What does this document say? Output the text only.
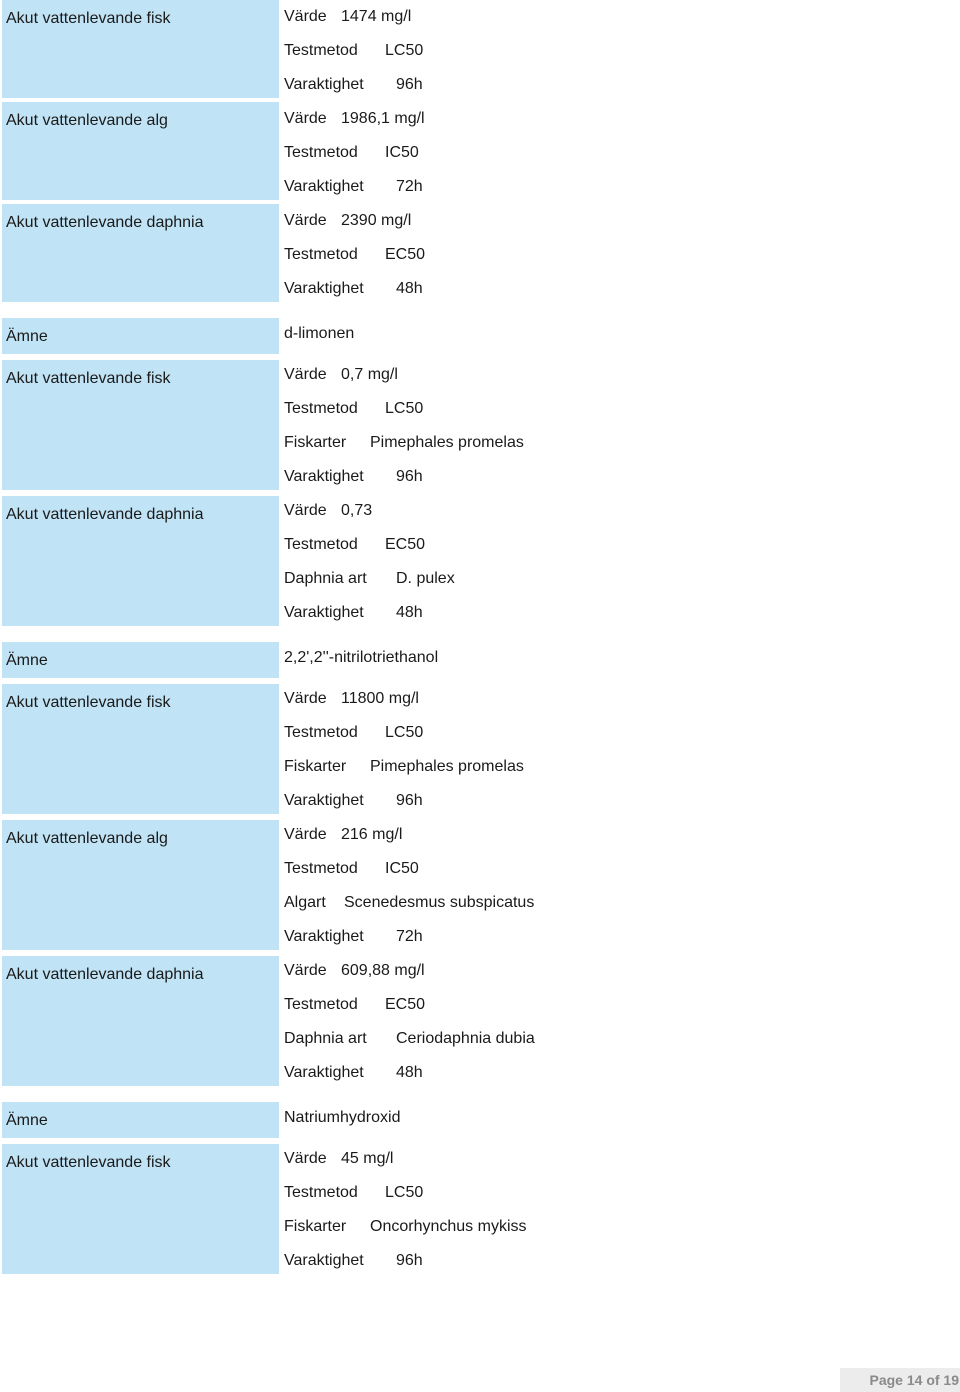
Akut vattenlevande fisk	Värde 1474 mg/l
Testmetod LC50
Varaktighet 96h
Akut vattenlevande alg	Värde 1986,1 mg/l
Testmetod IC50
Varaktighet 72h
Akut vattenlevande daphnia	Värde 2390 mg/l
Testmetod EC50
Varaktighet 48h
Ämne	d-limonen
Akut vattenlevande fisk	Värde 0,7 mg/l
Testmetod LC50
Fiskarter Pimephales promelas
Varaktighet 96h
Akut vattenlevande daphnia	Värde 0,73
Testmetod EC50
Daphnia art D. pulex
Varaktighet 48h
Ämne	2,2',2''-nitrilotriethanol
Akut vattenlevande fisk	Värde 11800 mg/l
Testmetod LC50
Fiskarter Pimephales promelas
Varaktighet 96h
Akut vattenlevande alg	Värde 216 mg/l
Testmetod IC50
Algart Scenedesmus subspicatus
Varaktighet 72h
Akut vattenlevande daphnia	Värde 609,88 mg/l
Testmetod EC50
Daphnia art Ceriodaphnia dubia
Varaktighet 48h
Ämne	Natriumhydroxid
Akut vattenlevande fisk	Värde 45 mg/l
Testmetod LC50
Fiskarter Oncorhynchus mykiss
Varaktighet 96h
Page 14 of 19
